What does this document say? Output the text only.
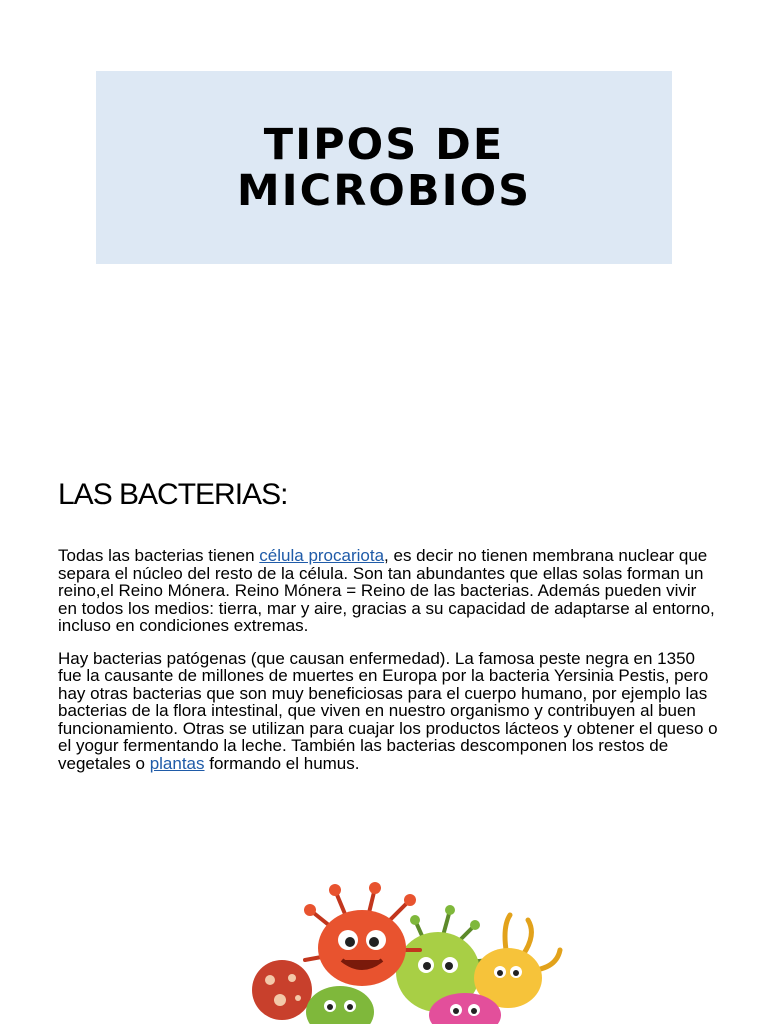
TIPOS DE
MICROBIOS
LAS BACTERIAS:

Todas las bacterias tienen célula procariota, es decir no tienen membrana nuclear que separa el núcleo del resto de la célula. Son tan abundantes que ellas solas forman un reino,el Reino Mónera. Reino Mónera = Reino de las bacterias. Además pueden vivir en todos los medios: tierra, mar y aire, gracias a su capacidad de adaptarse al entorno, incluso en condiciones extremas.

Hay bacterias patógenas (que causan enfermedad). La famosa peste negra en 1350 fue la causante de millones de muertes en Europa por la bacteria Yersinia Pestis, pero hay otras bacterias que son muy beneficiosas para el cuerpo humano, por ejemplo las bacterias de la flora intestinal, que viven en nuestro organismo y contribuyen al buen funcionamiento. Otras se utilizan para cuajar los productos lácteos y obtener el queso o el yogur fermentando la leche. También las bacterias descomponen los restos de vegetales o plantas formando el humus.
